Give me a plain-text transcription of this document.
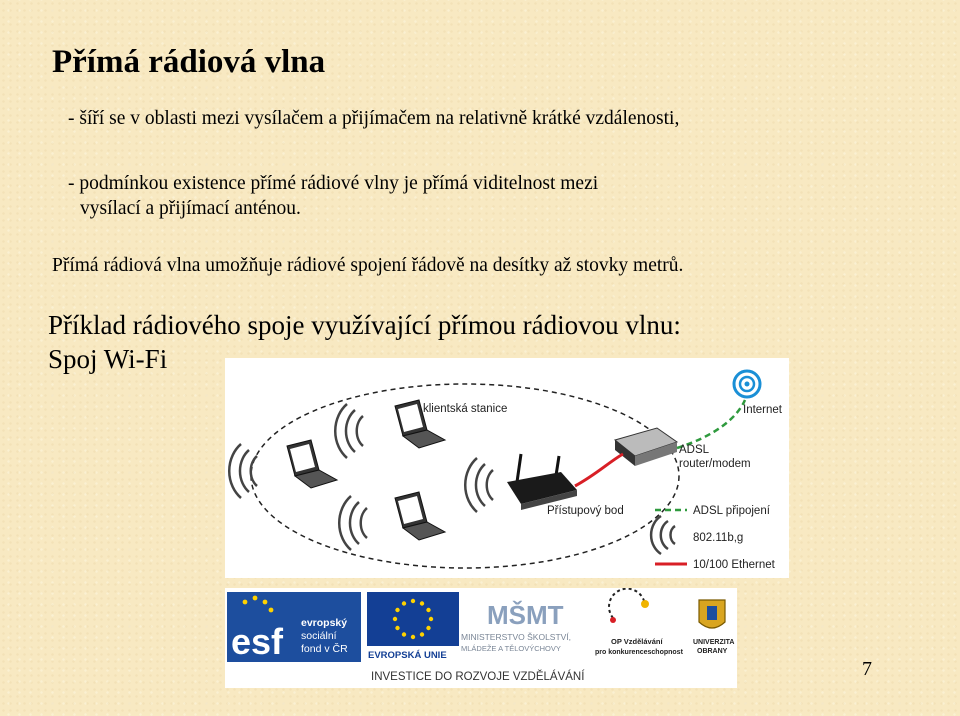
Přímá rádiová vlna
- šíří se v oblasti mezi vysílačem a přijímačem na relativně krátké vzdálenosti,
- podmínkou existence přímé rádiové vlny je přímá viditelnost mezi
vysílací a přijímací anténou.
Přímá rádiová vlna umožňuje rádiové spojení řádově na desítky až stovky metrů.
Příklad rádiového spoje využívající přímou rádiovou vlnu:
Spoj Wi-Fi
klientská stanice	Internet
ADSL
router/modem
Přístupový bod	ADSL připojení
802.11b,g
10/100 Ethernet
esf evropský
sociální
fond v ČR
EVROPSKÁ UNIE
MŠMT
MINISTERSTVO ŠKOLSTVÍ,
MLÁDEŽE A TĚLOVÝCHOVY
OP Vzdělávání
pro konkurenceschopnost
UNIVERZITA
OBRANY
INVESTICE DO ROZVOJE VZDĚLÁVÁNÍ	7
